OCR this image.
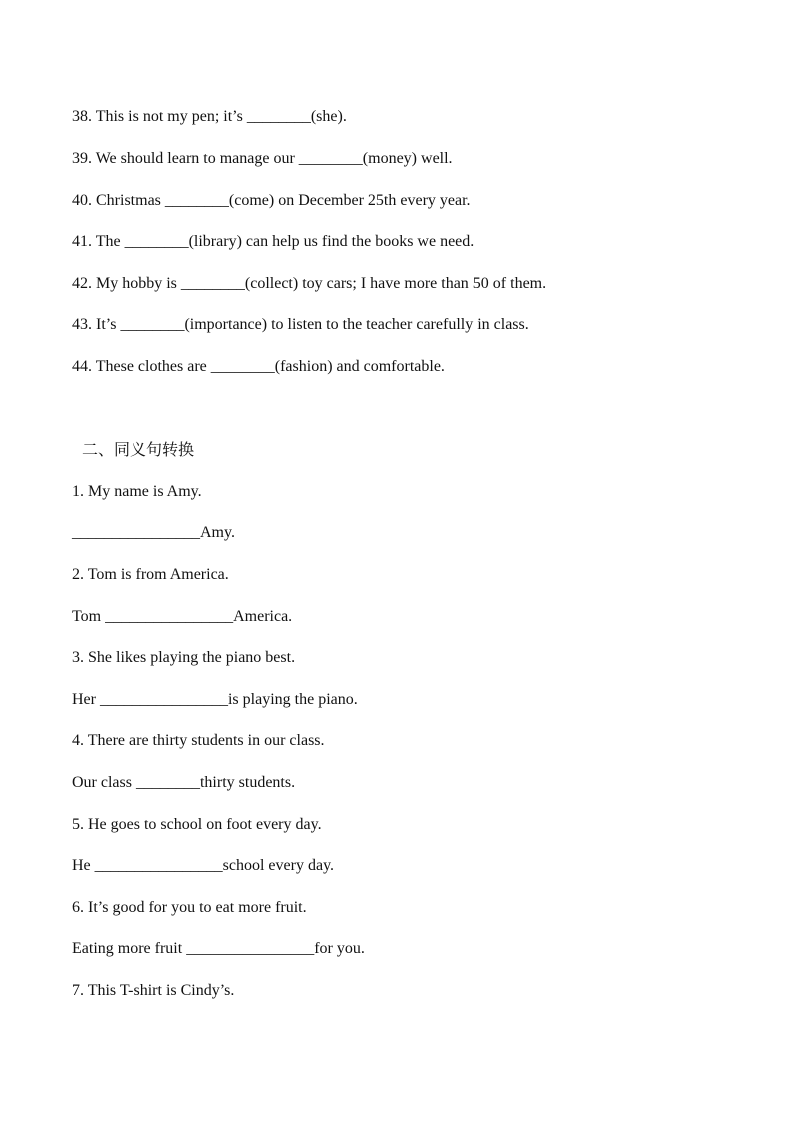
38. This is not my pen; it’s ________(she).
39. We should learn to manage our ________(money) well.
40. Christmas ________(come) on December 25th every year.
41. The ________(library) can help us find the books we need.
42. My hobby is ________(collect) toy cars; I have more than 50 of them.
43. It’s ________(importance) to listen to the teacher carefully in class.
44. These clothes are ________(fashion) and comfortable.
二、同义句转换
1. My name is Amy.
________________Amy.
2. Tom is from America.
Tom ________________America.
3. She likes playing the piano best.
Her ________________is playing the piano.
4. There are thirty students in our class.
Our class ________thirty students.
5. He goes to school on foot every day.
He ________________school every day.
6. It’s good for you to eat more fruit.
Eating more fruit ________________for you.
7. This T-shirt is Cindy’s.
